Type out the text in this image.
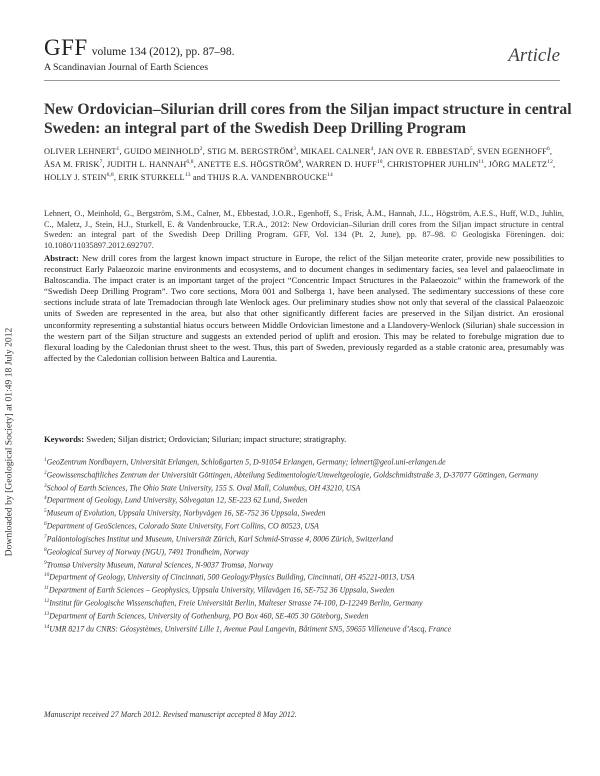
Downloaded by [Geological Society] at 01:49 18 July 2012
GFF volume 134 (2012), pp. 87–98.
A Scandinavian Journal of Earth Sciences
Article
New Ordovician–Silurian drill cores from the Siljan impact structure in central Sweden: an integral part of the Swedish Deep Drilling Program
OLIVER LEHNERT$^1$, GUIDO MEINHOLD$^2$, STIG M. BERGSTRÖM$^3$, MIKAEL CALNER$^4$, JAN OVE R. EBBESTAD$^5$, SVEN EGENHOFF$^6$, ÅSA M. FRISK$^7$, JUDITH L. HANNAH$^{6,8}$, ANETTE E.S. HÖGSTRÖM$^9$, WARREN D. HUFF$^{10}$, CHRISTOPHER JUHLIN$^{11}$, JÖRG MALETZ$^{12}$, HOLLY J. STEIN$^{6,8}$, ERIK STURKELL$^{13}$ and THIJS R.A. VANDENBROUCKE$^{14}$
Lehnert, O., Meinhold, G., Bergström, S.M., Calner, M., Ebbestad, J.O.R., Egenhoff, S., Frisk, Å.M., Hannah, J.L., Högström, A.E.S., Huff, W.D., Juhlin, C., Maletz, J., Stein, H.J., Sturkell, E. & Vandenbroucke, T.R.A., 2012: New Ordovician–Silurian drill cores from the Siljan impact structure in central Sweden: an integral part of the Swedish Deep Drilling Program. GFF, Vol. 134 (Pt. 2, June), pp. 87–98. © Geologiska Föreningen. doi: 10.1080/11035897.2012.692707.

Abstract: New drill cores from the largest known impact structure in Europe, the relict of the Siljan meteorite crater, provide new possibilities to reconstruct Early Palaeozoic marine environments and ecosystems, and to document changes in sedimentary facies, sea level and palaeoclimate in Baltoscandia. The impact crater is an important target of the project “Concentric Impact Structures in the Palaeozoic” within the framework of the “Swedish Deep Drilling Program”. Two core sections, Mora 001 and Solberga 1, have been analysed. The sedimentary successions of these core sections include strata of late Tremadocian through late Wenlock ages. Our preliminary studies show not only that several of the classical Palaeozoic units of Sweden are represented in the area, but also that other significantly different facies are preserved in the Siljan district. An erosional unconformity representing a substantial hiatus occurs between Middle Ordovician limestone and a Llandovery-Wenlock (Silurian) shale succession in the western part of the Siljan structure and suggests an extended period of uplift and erosion. This may be related to forebulge migration due to flexural loading by the Caledonian thrust sheet to the west. Thus, this part of Sweden, previously regarded as a stable cratonic area, presumably was affected by the Caledonian collision between Baltica and Laurentia.

Keywords: Sweden; Siljan district; Ordovician; Silurian; impact structure; stratigraphy.

$^1$GeoZentrum Nordbayern, Universität Erlangen, Schloßgarten 5, D-91054 Erlangen, Germany; lehnert@geol.uni-erlangen.de

$^2$Geowissenschaftliches Zentrum der Universität Göttingen, Abteilung Sedimentologie/Umweltgeologie, Goldschmidtstraße 3, D-37077 Göttingen, Germany

$^3$School of Earth Sciences, The Ohio State University, 155 S. Oval Mall, Columbus, OH 43210, USA

$^4$Department of Geology, Lund University, Sölvegatan 12, SE-223 62 Lund, Sweden

$^5$Museum of Evolution, Uppsala University, Norbyvägen 16, SE-752 36 Uppsala, Sweden

$^6$Department of GeoSciences, Colorado State University, Fort Collins, CO 80523, USA

$^7$Paläontologisches Institut und Museum, Universität Zürich, Karl Schmid-Strasse 4, 8006 Zürich, Switzerland

$^8$Geological Survey of Norway (NGU), 7491 Trondheim, Norway

$^9$Tromsø University Museum, Natural Sciences, N-9037 Tromsø, Norway

$^{10}$Department of Geology, University of Cincinnati, 500 Geology/Physics Building, Cincinnati, OH 45221-0013, USA

$^{11}$Department of Earth Sciences – Geophysics, Uppsala University, Villavägen 16, SE-752 36 Uppsala, Sweden

$^{12}$Institut für Geologische Wissenschaften, Freie Universität Berlin, Malteser Strasse 74-100, D-12249 Berlin, Germany

$^{13}$Department of Earth Sciences, University of Gothenburg, PO Box 460, SE-405 30 Göteborg, Sweden

$^{14}$UMR 8217 du CNRS: Géosystèmes, Université Lille 1, Avenue Paul Langevin, Bâtiment SN5, 59655 Villeneuve d’Ascq, France

Manuscript received 27 March 2012. Revised manuscript accepted 8 May 2012.
